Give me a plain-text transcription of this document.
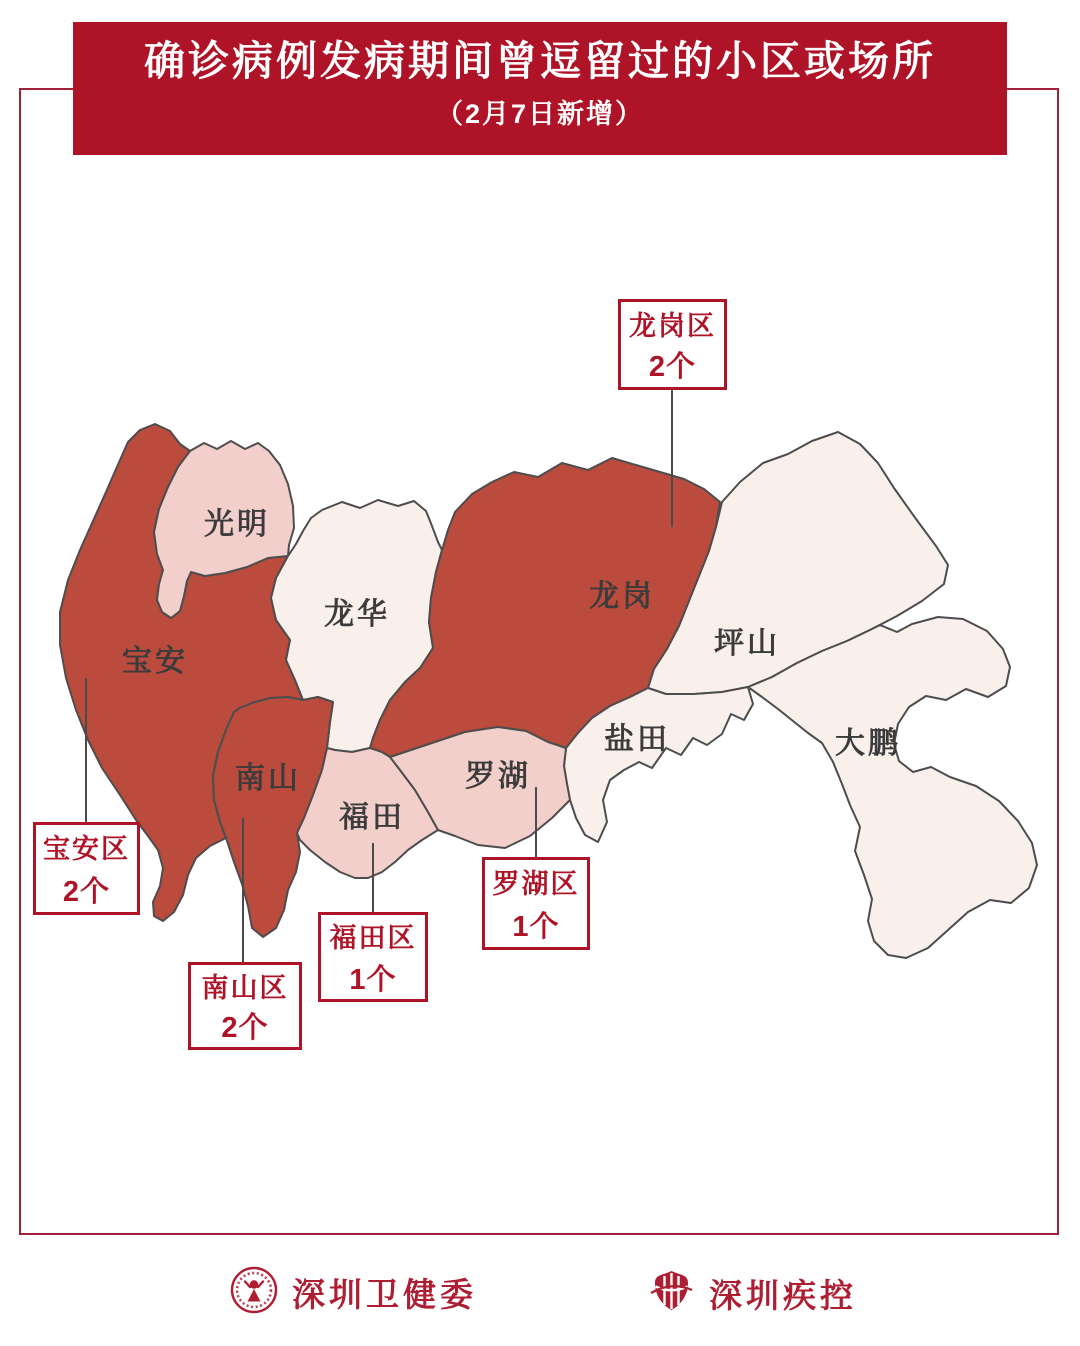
确诊病例发病期间曾逗留过的小区或场所
（2月7日新增）
光明
宝安
龙华
龙岗
坪山
盐田	大鹏
南山
福田
罗湖
龙岗区
2个
宝安区
2个
南山区
2个
福田区
1个
罗湖区
1个
深圳卫健委	深圳疾控
